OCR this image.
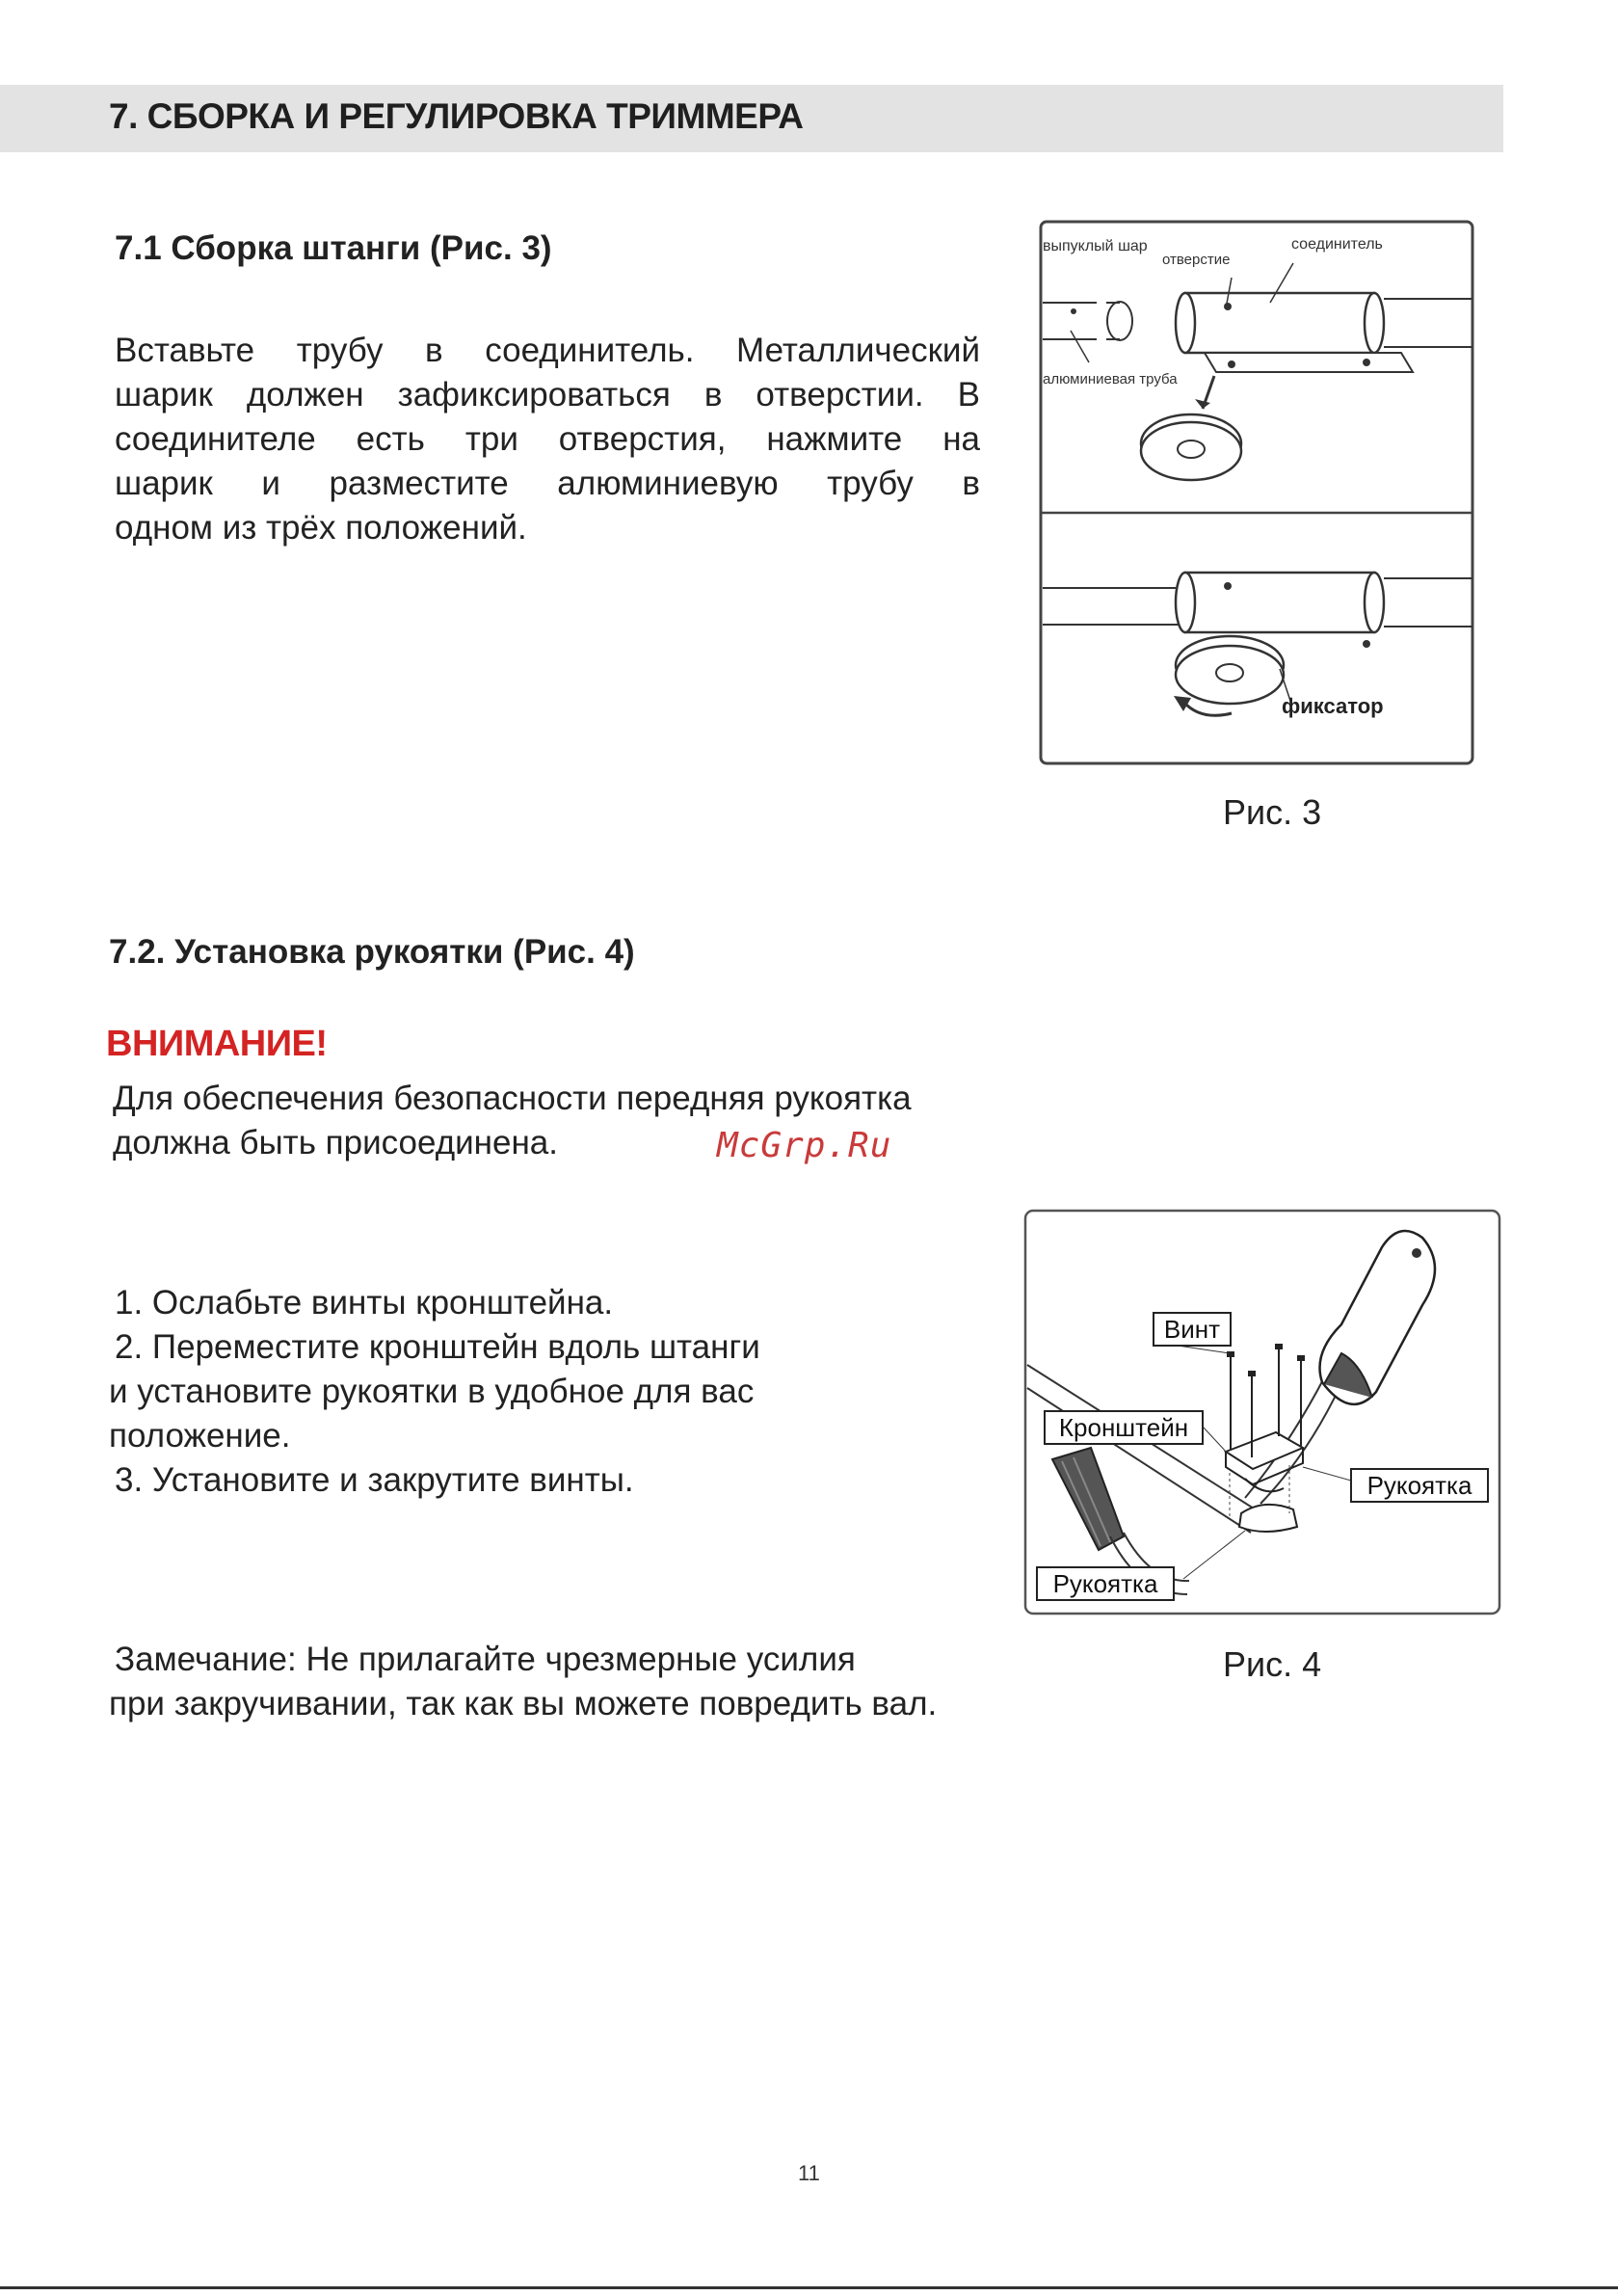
7. СБОРКА И РЕГУЛИРОВКА ТРИММЕРА
7.1 Сборка штанги (Рис. 3)

Вставьте трубу в соединитель. Металлический

шарик должен зафиксироваться в отверстии. В

соединителе есть три отверстия, нажмите на

шарик и разместите алюминиевую трубу в

одном из трёх положений.

выпуклый шар
отверстие
соединитель
алюминиевая труба
фиксатор
Рис. 3
7.2. Установка рукоятки (Рис. 4)
ВНИМАНИЕ!
Для обеспечения безопасности передняя рукоятка
должна быть присоединена.	McGrp.Ru
1. Ослабьте винты кронштейна.
2. Переместите кронштейн вдоль штанги
и установите рукоятки в удобное для вас
положение.
3. Установите и закрутите винты.
Винт
Кронштейн
Рукоятка
Рукоятка
Рис. 4
Замечание: Не прилагайте чрезмерные усилия
при закручивании, так как вы можете повредить вал.
11
